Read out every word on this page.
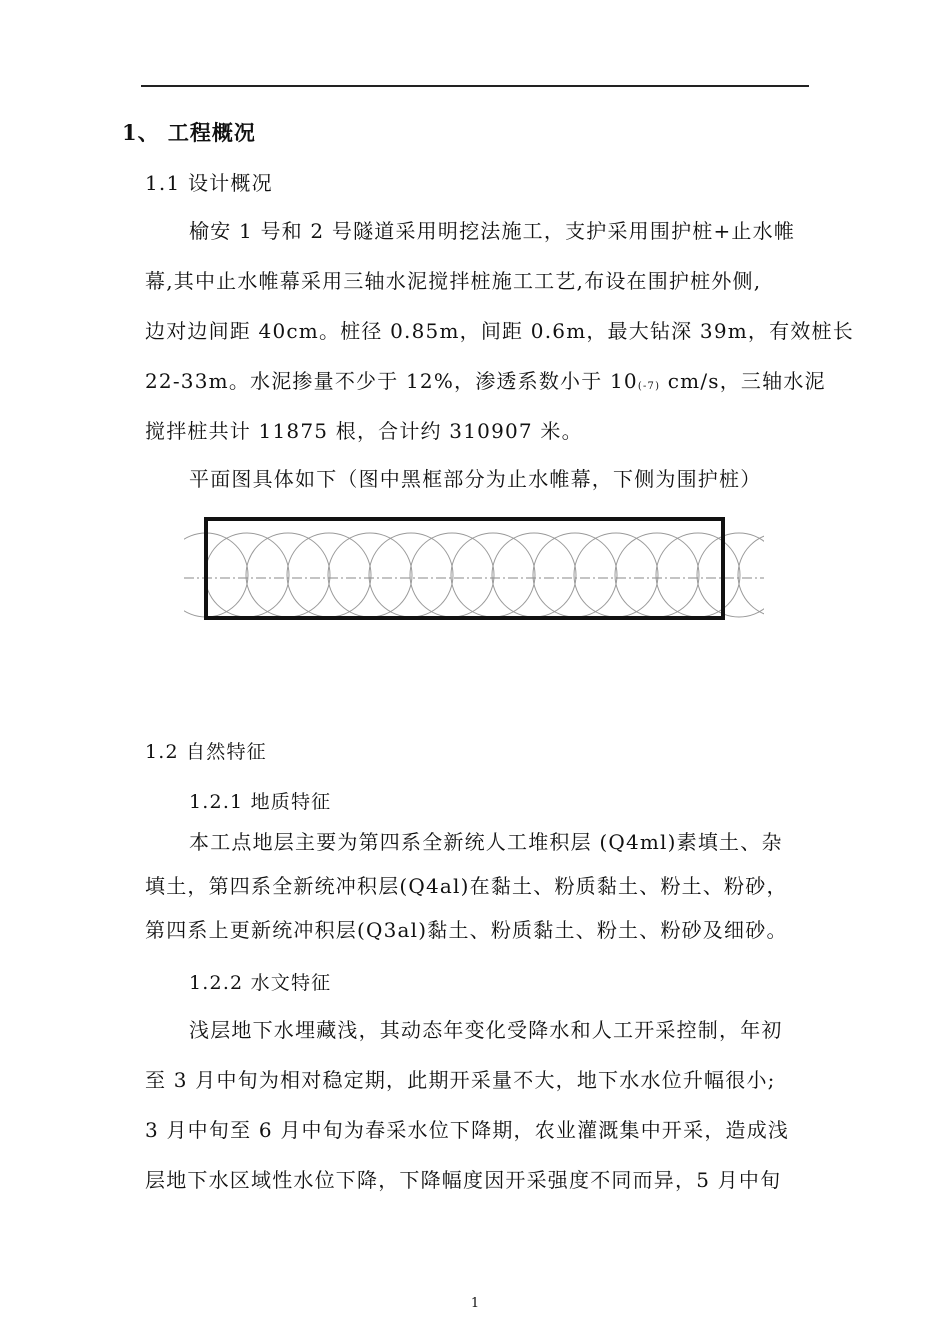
1、 工程概况
1.1 设计概况
榆安 1 号和 2 号隧道采用明挖法施工，支护采用围护桩+止水帷
幕,其中止水帷幕采用三轴水泥搅拌桩施工工艺,布设在围护桩外侧,
边对边间距 40cm。桩径 0.85m，间距 0.6m，最大钻深 39m，有效桩长
22-33m。水泥掺量不少于 12%，渗透系数小于 $10^{(-7)}$ cm/s，三轴水泥
搅拌桩共计 11875 根，合计约 310907 米。
平面图具体如下（图中黑框部分为止水帷幕，下侧为围护桩）
1.2 自然特征
1.2.1 地质特征
本工点地层主要为第四系全新统人工堆积层 (Q4ml)素填土、杂
填土，第四系全新统冲积层(Q4al)在黏土、粉质黏土、粉土、粉砂，
第四系上更新统冲积层(Q3al)黏土、粉质黏土、粉土、粉砂及细砂。
1.2.2 水文特征
浅层地下水埋藏浅，其动态年变化受降水和人工开采控制，年初
至 3 月中旬为相对稳定期，此期开采量不大，地下水水位升幅很小;
3 月中旬至 6 月中旬为春采水位下降期，农业灌溉集中开采，造成浅
层地下水区域性水位下降，下降幅度因开采强度不同而异，5 月中旬
1
